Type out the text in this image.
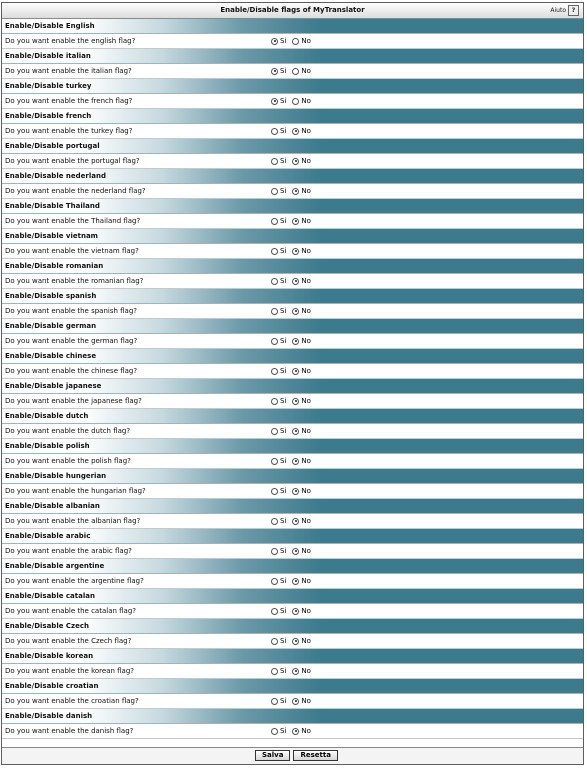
Enable/Disable flags of MyTranslator	Aiuto ?
Enable/Disable English
Do you want enable the english flag?	Si No
Enable/Disable italian
Do you want enable the italian flag?	Si No
Enable/Disable turkey
Do you want enable the french flag?	Si No
Enable/Disable french
Do you want enable the turkey flag?	Si No
Enable/Disable portugal
Do you want enable the portugal flag?	Si No
Enable/Disable nederland
Do you want enable the nederland flag?	Si No
Enable/Disable Thailand
Do you want enable the Thailand flag?	Si No
Enable/Disable vietnam
Do you want enable the vietnam flag?	Si No
Enable/Disable romanian
Do you want enable the romanian flag?	Si No
Enable/Disable spanish
Do you want enable the spanish flag?	Si No
Enable/Disable german
Do you want enable the german flag?	Si No
Enable/Disable chinese
Do you want enable the chinese flag?	Si No
Enable/Disable japanese
Do you want enable the japanese flag?	Si No
Enable/Disable dutch
Do you want enable the dutch flag?	Si No
Enable/Disable polish
Do you want enable the polish flag?	Si No
Enable/Disable hungerian
Do you want enable the hungarian flag?	Si No
Enable/Disable albanian
Do you want enable the albanian flag?	Si No
Enable/Disable arabic
Do you want enable the arabic flag?	Si No
Enable/Disable argentine
Do you want enable the argentine flag?	Si No
Enable/Disable catalan
Do you want enable the catalan flag?	Si No
Enable/Disable Czech
Do you want enable the Czech flag?	Si No
Enable/Disable korean
Do you want enable the korean flag?	Si No
Enable/Disable croatian
Do you want enable the croatian flag?	Si No
Enable/Disable danish
Do you want enable the danish flag?	Si No
Salva	Resetta
